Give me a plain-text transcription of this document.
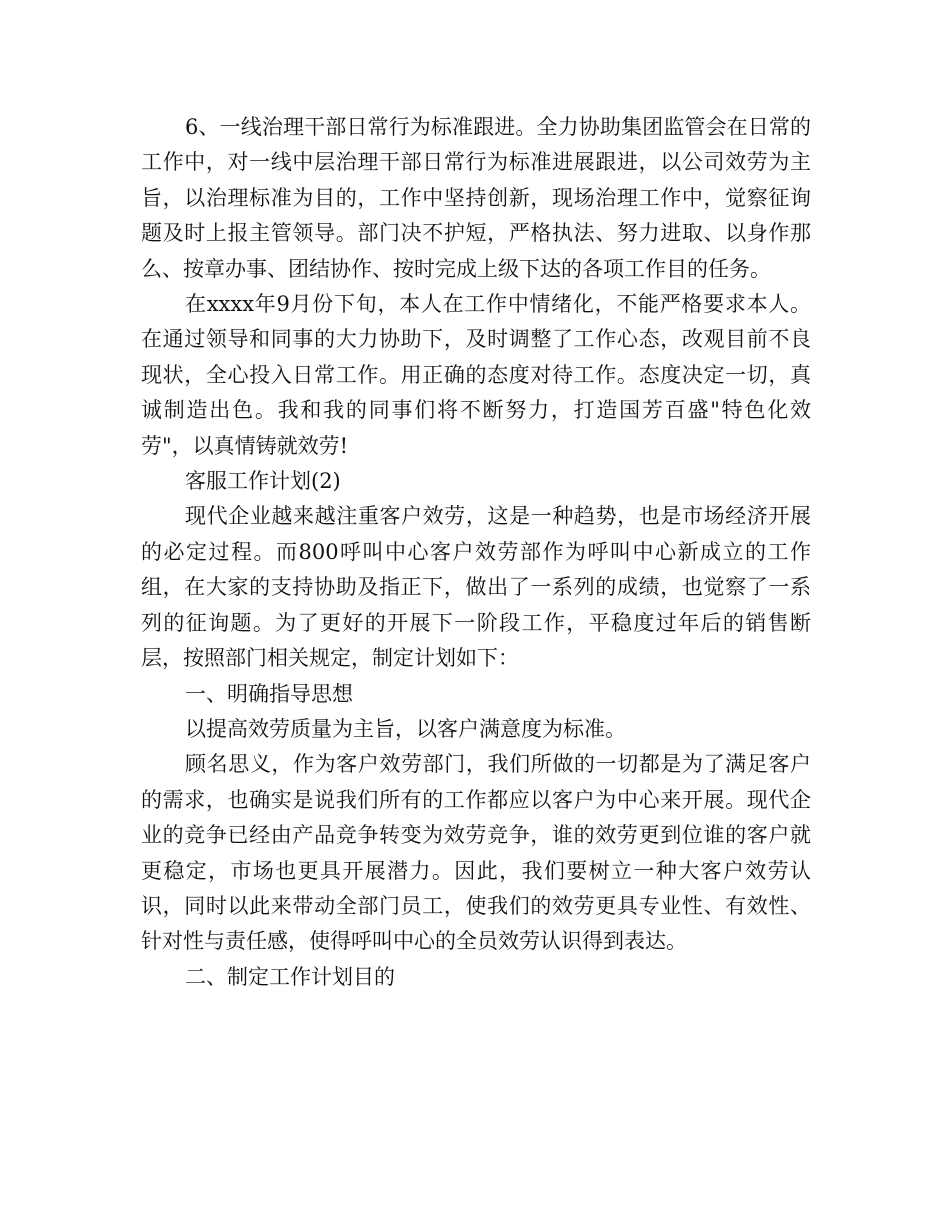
6、一线治理干部日常行为标准跟进。全力协助集团监管会在日常的工作中，对一线中层治理干部日常行为标准进展跟进，以公司效劳为主旨，以治理标准为目的，工作中坚持创新，现场治理工作中，觉察征询题及时上报主管领导。部门决不护短，严格执法、努力进取、以身作那么、按章办事、团结协作、按时完成上级下达的各项工作目的任务。

在xxxx年9月份下旬，本人在工作中情绪化，不能严格要求本人。在通过领导和同事的大力协助下，及时调整了工作心态，改观目前不良现状，全心投入日常工作。用正确的态度对待工作。态度决定一切，真诚制造出色。我和我的同事们将不断努力，打造国芳百盛"特色化效劳"，以真情铸就效劳!

客服工作计划(2)

现代企业越来越注重客户效劳，这是一种趋势，也是市场经济开展的必定过程。而800呼叫中心客户效劳部作为呼叫中心新成立的工作组，在大家的支持协助及指正下，做出了一系列的成绩，也觉察了一系列的征询题。为了更好的开展下一阶段工作，平稳度过年后的销售断层，按照部门相关规定，制定计划如下：

一、明确指导思想

以提高效劳质量为主旨，以客户满意度为标准。

顾名思义，作为客户效劳部门，我们所做的一切都是为了满足客户的需求，也确实是说我们所有的工作都应以客户为中心来开展。现代企业的竞争已经由产品竞争转变为效劳竞争，谁的效劳更到位谁的客户就更稳定，市场也更具开展潜力。因此，我们要树立一种大客户效劳认识，同时以此来带动全部门员工，使我们的效劳更具专业性、有效性、针对性与责任感，使得呼叫中心的全员效劳认识得到表达。

二、制定工作计划目的
